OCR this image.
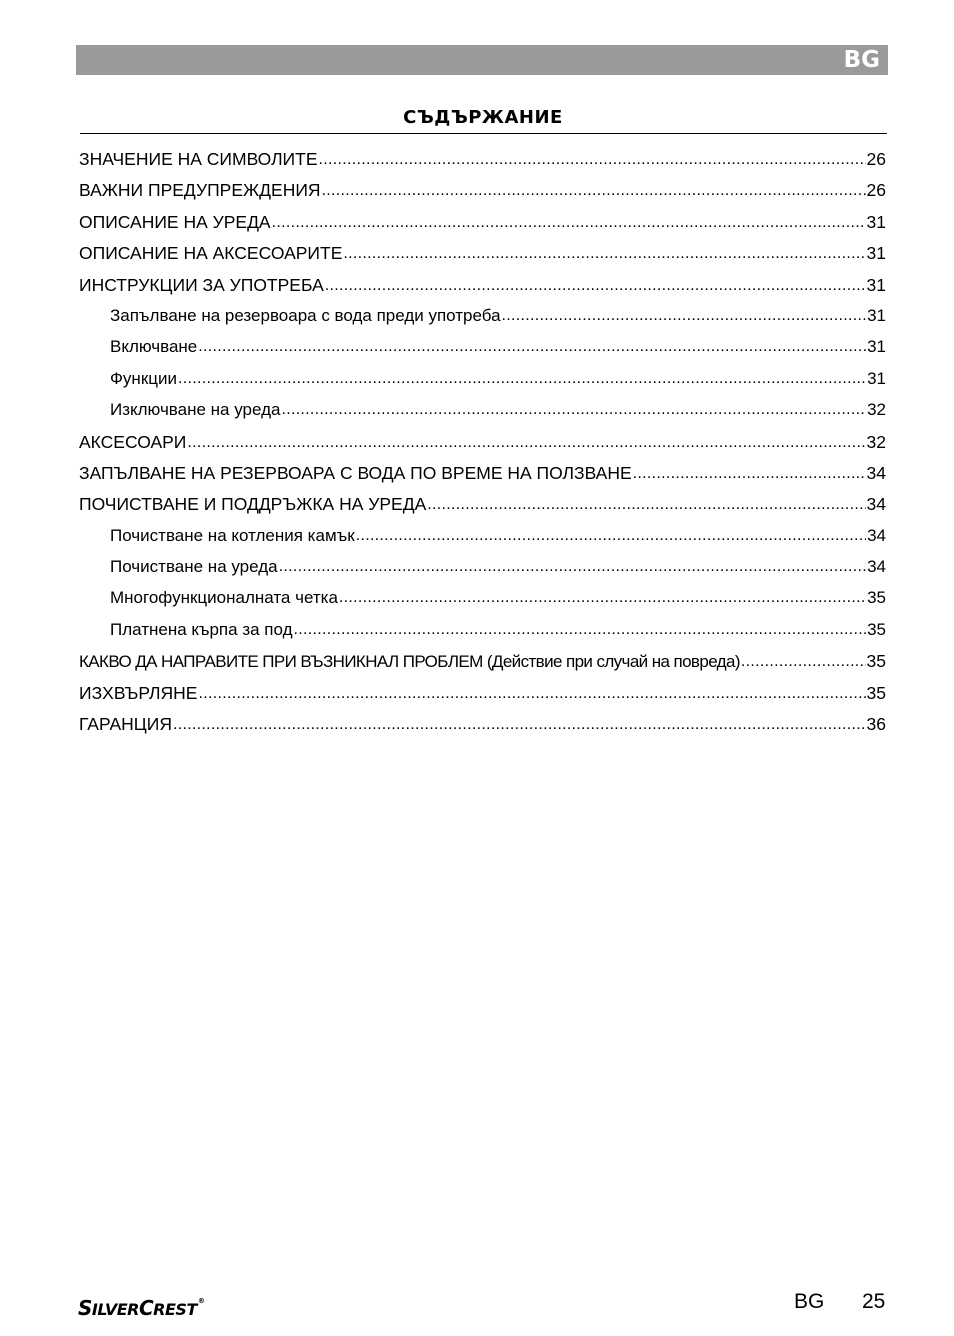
BG
СЪДЪРЖАНИЕ
ЗНАЧЕНИЕ НА СИМВОЛИТЕ .....	26
ВАЖНИ ПРЕДУПРЕЖДЕНИЯ .....	26
ОПИСАНИЕ НА УРЕДА .....	31
ОПИСАНИЕ НА АКСЕСОАРИТЕ .....	31
ИНСТРУКЦИИ ЗА УПОТРЕБА .....	31
Запълване на резервоара с вода преди употреба .....	31
Включване .....	31
Функции .....	31
Изключване на уреда .....	32
АКСЕСОАРИ .....	32
ЗАПЪЛВАНЕ НА РЕЗЕРВОАРА С ВОДА ПО ВРЕМЕ НА ПОЛЗВАНЕ .....	34
ПОЧИСТВАНЕ И ПОДДРЪЖКА НА УРЕДА .....	34
Почистване на котления камък .....	34
Почистване на уреда .....	34
Многофункционалната четка .....	35
Платнена кърпа за под .....	35
КАКВО ДА НАПРАВИТЕ ПРИ ВЪЗНИКНАЛ ПРОБЛЕМ (Действие при случай на повреда) .....	35
ИЗХВЪРЛЯНЕ .....	35
ГАРАНЦИЯ .....	36
SILVERCREST®	BG 25
